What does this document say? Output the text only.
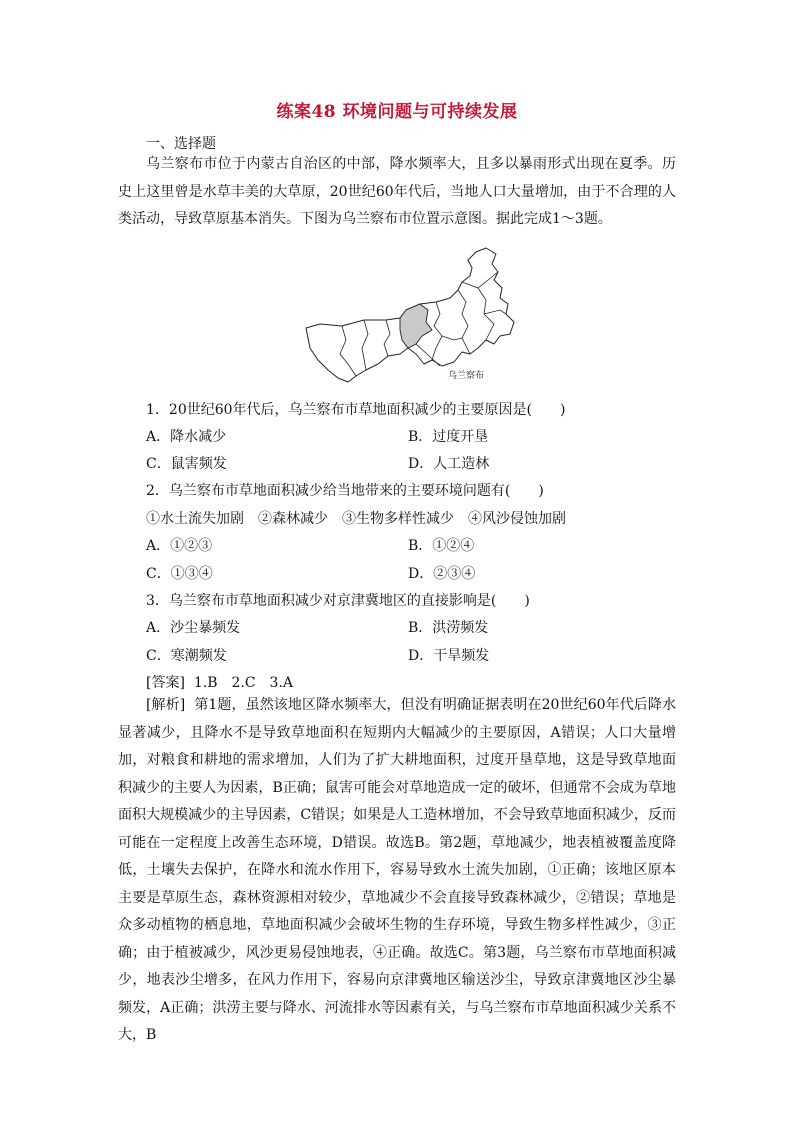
练案48 环境问题与可持续发展
一、选择题

乌兰察布市位于内蒙古自治区的中部，降水频率大，且多以暴雨形式出现在夏季。历史上这里曾是水草丰美的大草原，20世纪60年代后，当地人口大量增加，由于不合理的人类活动，导致草原基本消失。下图为乌兰察布市位置示意图。据此完成1～3题。

乌兰察布
1．20世纪60年代后，乌兰察布市草地面积减少的主要原因是(　　)
A．降水减少	B．过度开垦
C．鼠害频发	D．人工造林
2．乌兰察布市草地面积减少给当地带来的主要环境问题有(　　)
①水土流失加剧　②森林减少　③生物多样性减少　④风沙侵蚀加剧
A．①②③	B．①②④
C．①③④	D．②③④
3．乌兰察布市草地面积减少对京津冀地区的直接影响是(　　)
A．沙尘暴频发	B．洪涝频发
C．寒潮频发	D．干旱频发
[答案] 1.B　2.C　3.A

[解析] 第1题，虽然该地区降水频率大，但没有明确证据表明在20世纪60年代后降水显著减少，且降水不是导致草地面积在短期内大幅减少的主要原因，A错误；人口大量增加，对粮食和耕地的需求增加，人们为了扩大耕地面积，过度开垦草地，这是导致草地面积减少的主要人为因素，B正确；鼠害可能会对草地造成一定的破坏，但通常不会成为草地面积大规模减少的主导因素，C错误；如果是人工造林增加，不会导致草地面积减少，反而可能在一定程度上改善生态环境，D错误。故选B。第2题，草地减少，地表植被覆盖度降低，土壤失去保护，在降水和流水作用下，容易导致水土流失加剧，①正确；该地区原本主要是草原生态，森林资源相对较少，草地减少不会直接导致森林减少，②错误；草地是众多动植物的栖息地，草地面积减少会破坏生物的生存环境，导致生物多样性减少，③正确；由于植被减少，风沙更易侵蚀地表，④正确。故选C。第3题，乌兰察布市草地面积减少，地表沙尘增多，在风力作用下，容易向京津冀地区输送沙尘，导致京津冀地区沙尘暴频发，A正确；洪涝主要与降水、河流排水等因素有关，与乌兰察布市草地面积减少关系不大，B
